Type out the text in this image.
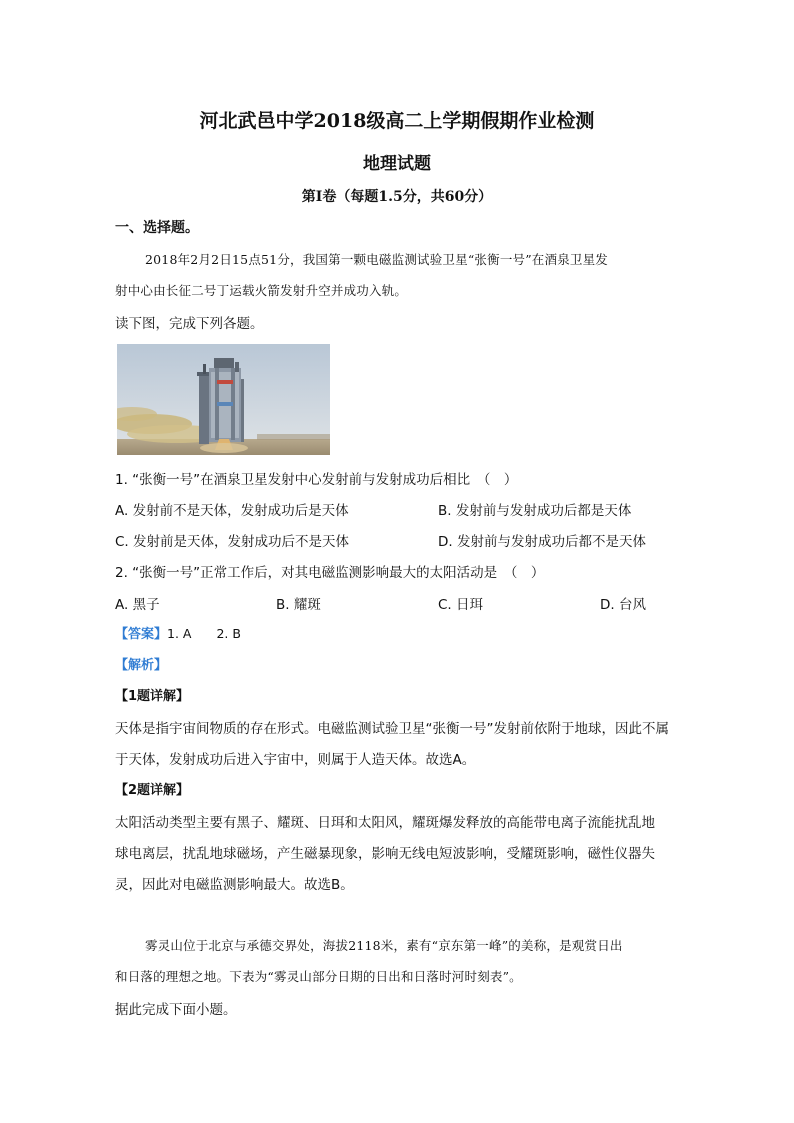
河北武邑中学2018级高二上学期假期作业检测
地理试题
第Ⅰ卷（每题1.5分，共60分）
一、选择题。
2018年2月2日15点51分，我国第一颗电磁监测试验卫星“张衡一号”在酒泉卫星发
射中心由长征二号丁运载火箭发射升空并成功入轨。
读下图，完成下列各题。
1. “张衡一号”在酒泉卫星发射中心发射前与发射成功后相比　（　）
A. 发射前不是天体，发射成功后是天体	B. 发射前与发射成功后都是天体
C. 发射前是天体，发射成功后不是天体	D. 发射前与发射成功后都不是天体
2. “张衡一号”正常工作后，对其电磁监测影响最大的太阳活动是　（　）
A. 黑子	B. 耀斑	C. 日珥	D. 台风
【答案】1. A　　2. B
【解析】
【1题详解】
天体是指宇宙间物质的存在形式。电磁监测试验卫星“张衡一号”发射前依附于地球，因此不属
于天体，发射成功后进入宇宙中，则属于人造天体。故选A。
【2题详解】
太阳活动类型主要有黑子、耀斑、日珥和太阳风，耀斑爆发释放的高能带电离子流能扰乱地
球电离层，扰乱地球磁场，产生磁暴现象，影响无线电短波影响，受耀斑影响，磁性仪器失
灵，因此对电磁监测影响最大。故选B。
雾灵山位于北京与承德交界处，海拔2118米，素有“京东第一峰”的美称，是观赏日出
和日落的理想之地。下表为“雾灵山部分日期的日出和日落时河时刻表”。
据此完成下面小题。
